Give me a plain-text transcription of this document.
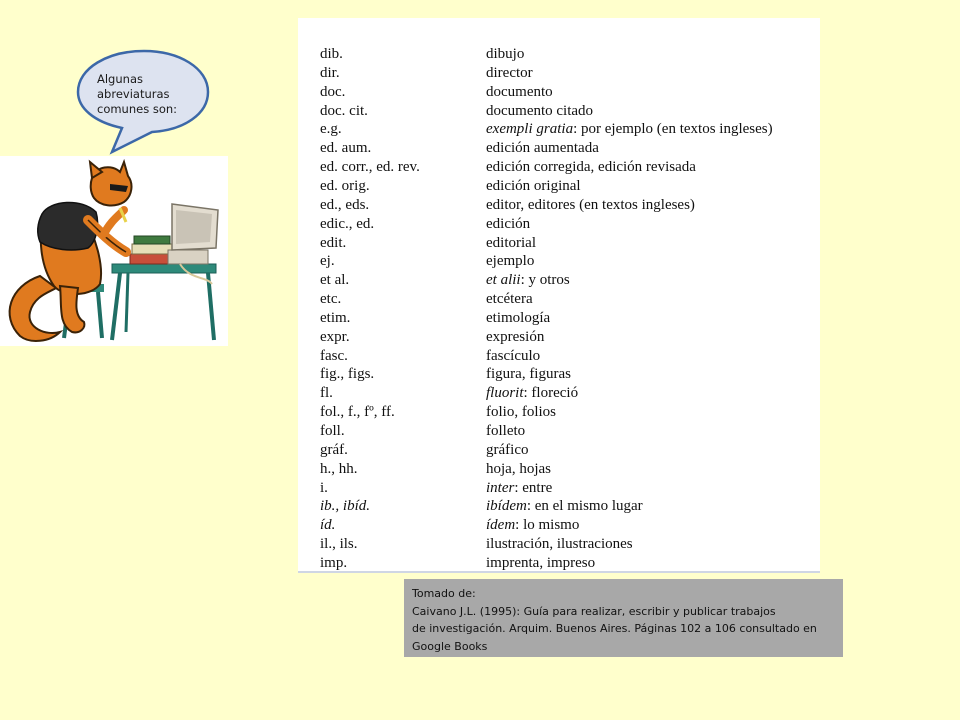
Algunas
abreviaturas
comunes son:
dib.	dibujo
dir.	director
doc.	documento
doc. cit.	documento citado
e.g.	exempli gratia: por ejemplo (en textos ingleses)
ed. aum.	edición aumentada
ed. corr., ed. rev.	edición corregida, edición revisada
ed. orig.	edición original
ed., eds.	editor, editores (en textos ingleses)
edic., ed.	edición
edit.	editorial
ej.	ejemplo
et al.	et alii: y otros
etc.	etcétera
etim.	etimología
expr.	expresión
fasc.	fascículo
fig., figs.	figura, figuras
fl.	fluorit: floreció
fol., f., fº, ff.	folio, folios
foll.	folleto
gráf.	gráfico
h., hh.	hoja, hojas
i.	inter: entre
ib., ibíd.	ibídem: en el mismo lugar
íd.	ídem: lo mismo
il., ils.	ilustración, ilustraciones
imp.	imprenta, impreso
Tomado de:
Caivano J.L. (1995): Guía para realizar, escribir y publicar trabajos
de investigación. Arquim. Buenos Aires. Páginas 102 a 106 consultado en
Google Books
